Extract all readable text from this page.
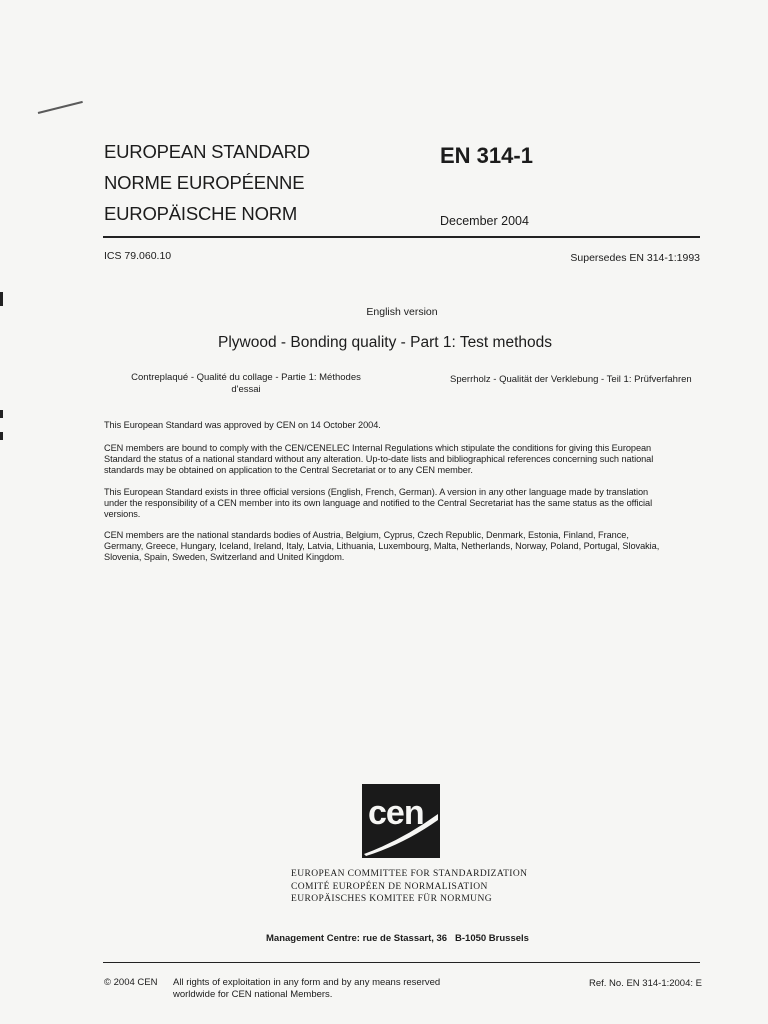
EUROPEAN STANDARD
NORME EUROPÉENNE
EUROPÄISCHE NORM
EN 314-1
December 2004
ICS 79.060.10	Supersedes EN 314-1:1993
English version
Plywood - Bonding quality - Part 1: Test methods
Contreplaqué - Qualité du collage - Partie 1: Méthodes
d'essai
Sperrholz - Qualität der Verklebung - Teil 1: Prüfverfahren
This European Standard was approved by CEN on 14 October 2004.
CEN members are bound to comply with the CEN/CENELEC Internal Regulations which stipulate the conditions for giving this European
Standard the status of a national standard without any alteration. Up-to-date lists and bibliographical references concerning such national
standards may be obtained on application to the Central Secretariat or to any CEN member.
This European Standard exists in three official versions (English, French, German). A version in any other language made by translation
under the responsibility of a CEN member into its own language and notified to the Central Secretariat has the same status as the official
versions.
CEN members are the national standards bodies of Austria, Belgium, Cyprus, Czech Republic, Denmark, Estonia, Finland, France,
Germany, Greece, Hungary, Iceland, Ireland, Italy, Latvia, Lithuania, Luxembourg, Malta, Netherlands, Norway, Poland, Portugal, Slovakia,
Slovenia, Spain, Sweden, Switzerland and United Kingdom.
cen
EUROPEAN COMMITTEE FOR STANDARDIZATION
COMITÉ EUROPÉEN DE NORMALISATION
EUROPÄISCHES KOMITEE FÜR NORMUNG
Management Centre: rue de Stassart, 36   B-1050 Brussels
© 2004 CEN All rights of exploitation in any form and by any means reserved
worldwide for CEN national Members.
Ref. No. EN 314-1:2004: E
